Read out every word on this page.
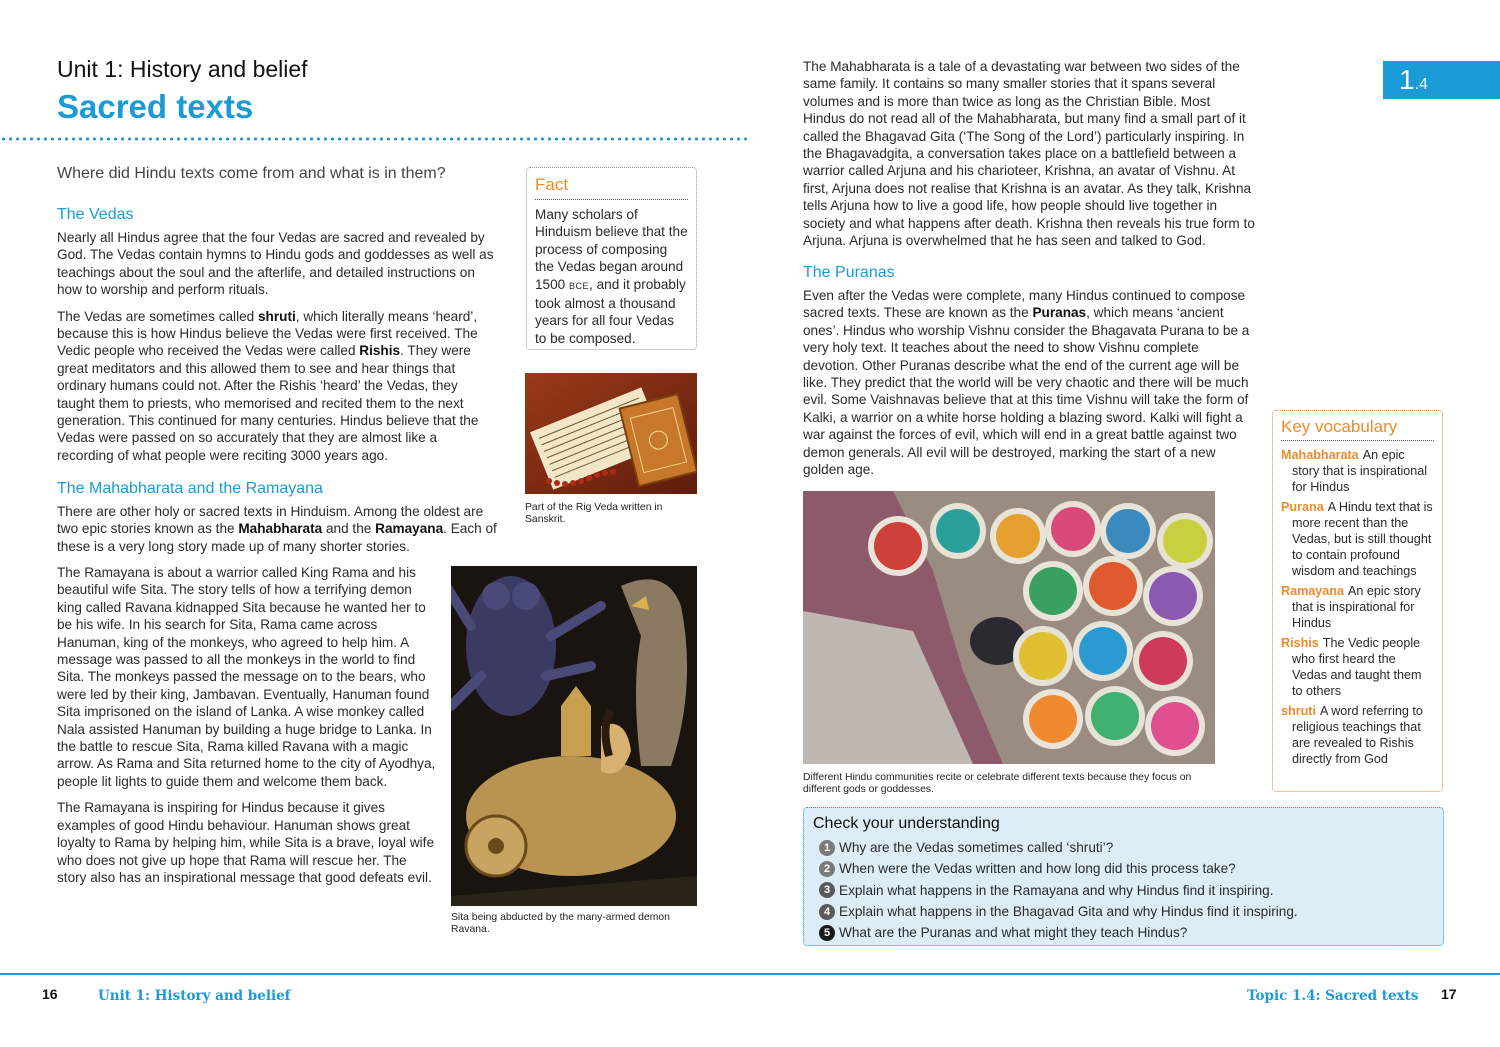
Unit 1: History and belief
Sacred texts
1.4
Where did Hindu texts come from and what is in them?
The Vedas

Nearly all Hindus agree that the four Vedas are sacred and revealed by God. The Vedas contain hymns to Hindu gods and goddesses as well as teachings about the soul and the afterlife, and detailed instructions on how to worship and perform rituals.

The Vedas are sometimes called shruti, which literally means ‘heard’, because this is how Hindus believe the Vedas were first received. The Vedic people who received the Vedas were called Rishis. They were great meditators and this allowed them to see and hear things that ordinary humans could not. After the Rishis ‘heard’ the Vedas, they taught them to priests, who memorised and recited them to the next generation. This continued for many centuries. Hindus believe that the Vedas were passed on so accurately that they are almost like a recording of what people were reciting 3000 years ago.

The Mahabharata and the Ramayana

There are other holy or sacred texts in Hinduism. Among the oldest are two epic stories known as the Mahabharata and the Ramayana. Each of these is a very long story made up of many shorter stories.

The Ramayana is about a warrior called King Rama and his beautiful wife Sita. The story tells of how a terrifying demon king called Ravana kidnapped Sita because he wanted her to be his wife. In his search for Sita, Rama came across Hanuman, king of the monkeys, who agreed to help him. A message was passed to all the monkeys in the world to find Sita. The monkeys passed the message on to the bears, who were led by their king, Jambavan. Eventually, Hanuman found Sita imprisoned on the island of Lanka. A wise monkey called Nala assisted Hanuman by building a huge bridge to Lanka. In the battle to rescue Sita, Rama killed Ravana with a magic arrow. As Rama and Sita returned home to the city of Ayodhya, people lit lights to guide them and welcome them back.

The Ramayana is inspiring for Hindus because it gives examples of good Hindu behaviour. Hanuman shows great loyalty to Rama by helping him, while Sita is a brave, loyal wife who does not give up hope that Rama will rescue her. The story also has an inspirational message that good defeats evil.

Fact

Many scholars of Hinduism believe that the process of composing the Vedas began around 1500 BCE, and it probably took almost a thousand years for all four Vedas to be composed.

Part of the Rig Veda written in Sanskrit.
Sita being abducted by the many-armed demon Ravana.

The Mahabharata is a tale of a devastating war between two sides of the same family. It contains so many smaller stories that it spans several volumes and is more than twice as long as the Christian Bible. Most Hindus do not read all of the Mahabharata, but many find a small part of it called the Bhagavad Gita (‘The Song of the Lord’) particularly inspiring. In the Bhagavadgita, a conversation takes place on a battlefield between a warrior called Arjuna and his charioteer, Krishna, an avatar of Vishnu. At first, Arjuna does not realise that Krishna is an avatar. As they talk, Krishna tells Arjuna how to live a good life, how people should live together in society and what happens after death. Krishna then reveals his true form to Arjuna. Arjuna is overwhelmed that he has seen and talked to God.

The Puranas

Even after the Vedas were complete, many Hindus continued to compose sacred texts. These are known as the Puranas, which means ‘ancient ones’. Hindus who worship Vishnu consider the Bhagavata Purana to be a very holy text. It teaches about the need to show Vishnu complete devotion. Other Puranas describe what the end of the current age will be like. They predict that the world will be very chaotic and there will be much evil. Some Vaishnavas believe that at this time Vishnu will take the form of Kalki, a warrior on a white horse holding a blazing sword. Kalki will fight a war against the forces of evil, which will end in a great battle against two demon generals. All evil will be destroyed, marking the start of a new golden age.

Different Hindu communities recite or celebrate different texts because they focus on different gods or goddesses.
Key vocabulary
Mahabharata An epic story that is inspirational for Hindus
Purana A Hindu text that is more recent than the Vedas, but is still thought to contain profound wisdom and teachings
Ramayana An epic story that is inspirational for Hindus
Rishis The Vedic people who first heard the Vedas and taught them to others
shruti A word referring to religious teachings that are revealed to Rishis directly from God
Check your understanding
1 Why are the Vedas sometimes called ‘shruti’?
2 When were the Vedas written and how long did this process take?
3 Explain what happens in the Ramayana and why Hindus find it inspiring.
4 Explain what happens in the Bhagavad Gita and why Hindus find it inspiring.
5 What are the Puranas and what might they teach Hindus?
16	Unit 1: History and belief	Topic 1.4: Sacred texts 17
